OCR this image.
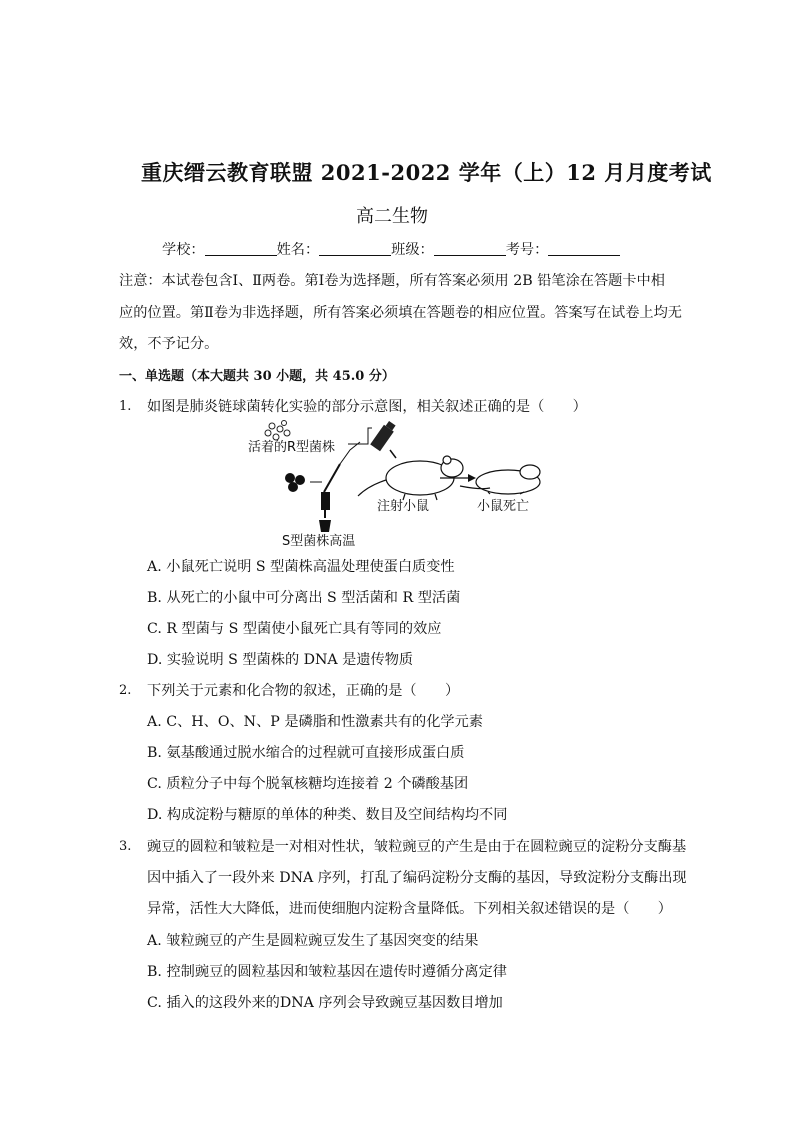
重庆缙云教育联盟 2021-2022 学年（上）12 月月度考试
高二生物
学校：	姓名：	班级：	考号：
注意：本试卷包含Ⅰ、Ⅱ两卷。第Ⅰ卷为选择题，所有答案必须用 2B 铅笔涂在答题卡中相
应的位置。第Ⅱ卷为非选择题，所有答案必须填在答题卷的相应位置。答案写在试卷上均无
效，不予记分。
一、单选题（本大题共 30 小题，共 45.0 分）
1. 如图是肺炎链球菌转化实验的部分示意图，相关叙述正确的是（　　）
活着的R型菌株
注射小鼠	小鼠死亡
S型菌株高温
A. 小鼠死亡说明 S 型菌株高温处理使蛋白质变性
B. 从死亡的小鼠中可分离出 S 型活菌和 R 型活菌
C. R 型菌与 S 型菌使小鼠死亡具有等同的效应
D. 实验说明 S 型菌株的 DNA 是遗传物质
2. 下列关于元素和化合物的叙述，正确的是（　　）
A. C、H、O、N、P 是磷脂和性激素共有的化学元素
B. 氨基酸通过脱水缩合的过程就可直接形成蛋白质
C. 质粒分子中每个脱氧核糖均连接着 2 个磷酸基团
D. 构成淀粉与糖原的单体的种类、数目及空间结构均不同
3. 豌豆的圆粒和皱粒是一对相对性状，皱粒豌豆的产生是由于在圆粒豌豆的淀粉分支酶基
因中插入了一段外来 DNA 序列，打乱了编码淀粉分支酶的基因，导致淀粉分支酶出现
异常，活性大大降低，进而使细胞内淀粉含量降低。下列相关叙述错误的是（　　）
A. 皱粒豌豆的产生是圆粒豌豆发生了基因突变的结果
B. 控制豌豆的圆粒基因和皱粒基因在遗传时遵循分离定律
C. 插入的这段外来的DNA 序列会导致豌豆基因数目增加
